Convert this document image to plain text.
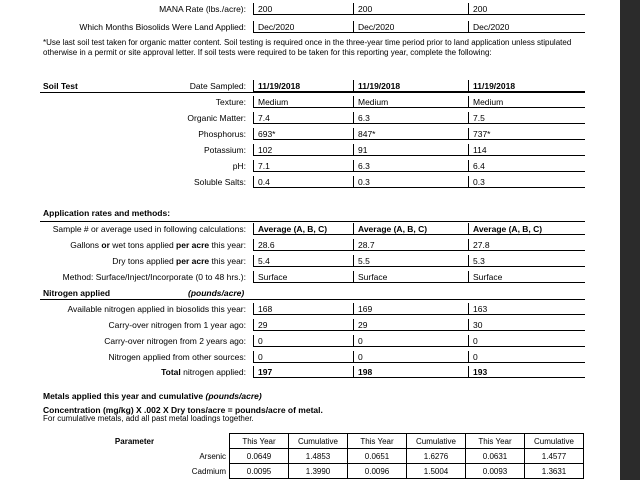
MANA Rate (lbs./acre):	200	200	200
Which Months Biosolids Were Land Applied:	Dec/2020	Dec/2020	Dec/2020
*Use last soil test taken for organic matter content. Soil testing is required once in the three-year time period prior to land application unless stipulated otherwise in a permit or site approval letter. If soil tests were required to be taken for this reporting year, complete the following:
Soil Test	Date Sampled:	11/19/2018	11/19/2018	11/19/2018
Texture:	Medium	Medium	Medium
Organic Matter:	7.4	6.3	7.5
Phosphorus:	693*	847*	737*
Potassium:	102	91	114
pH:	7.1	6.3	6.4
Soluble Salts:	0.4	0.3	0.3
Application rates and methods:
Sample # or average used in following calculations:	Average (A, B, C)	Average (A, B, C)	Average (A, B, C)
Gallons or wet tons applied per acre this year:	28.6	28.7	27.8
Dry tons applied per acre this year:	5.4	5.5	5.3
Method: Surface/Inject/Incorporate (0 to 48 hrs.):	Surface	Surface	Surface
Nitrogen applied	(pounds/acre)
Available nitrogen applied in biosolids this year:	168	169	163
Carry-over nitrogen from 1 year ago:	29	29	30
Carry-over nitrogen from 2 years ago:	0	0	0
Nitrogen applied from other sources:	0	0	0
Total nitrogen applied:	197	198	193
Metals applied this year and cumulative (pounds/acre)
Concentration (mg/kg) X .002 X Dry tons/acre = pounds/acre of metal.
For cumulative metals, add all past metal loadings together.
Parameter	This Year	Cumulative	This Year	Cumulative	This Year	Cumulative
Arsenic	0.0649	1.4853	0.0651	1.6276	0.0631	1.4577
Cadmium	0.0095	1.3990	0.0096	1.5004	0.0093	1.3631
